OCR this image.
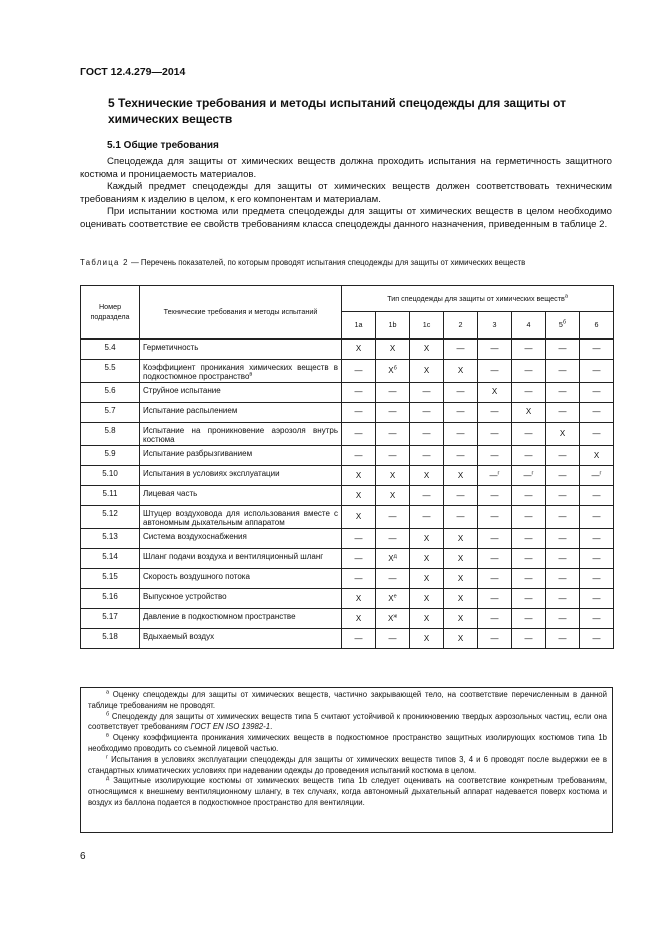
ГОСТ 12.4.279—2014
5 Технические требования и методы испытаний спецодежды для защиты от химических веществ
5.1 Общие требования

Спецодежда для защиты от химических веществ должна проходить испытания на герметичность защитного костюма и проницаемость материалов.

Каждый предмет спецодежды для защиты от химических веществ должен соответствовать техническим требованиям к изделию в целом, к его компонентам и материалам.

При испытании костюма или предмета спецодежды для защиты от химических веществ в целом необходимо оценивать соответствие ее свойств требованиям класса спецодежды данного назначения, приведенным в таблице 2.

Таблица 2 — Перечень показателей, по которым проводят испытания спецодежды для защиты от химических веществ
Номер подраздела	Технические требования и методы испытаний	Тип спецодежды для защиты от химических веществ$^а$
		1a	1b	1c	2	3	4	$5^б$	6
5.4	Герметичность	X	X	X	—	—	—	—	—
5.5	Коэффициент проникания химических веществ в подкостюмное пространство$^в$	—	$X^б$	X	X	—	—	—	—
5.6	Струйное испытание	—	—	—	—	X	—	—	—
5.7	Испытание распылением	—	—	—	—	—	X	—	—
5.8	Испытание на проникновение аэрозоля внутрь костюма	—	—	—	—	—	—	X	—
5.9	Испытание разбрызгиванием	—	—	—	—	—	—	—	X
5.10	Испытания в условиях эксплуатации	X	X	X	X	—$^г$	—$^г$	—	—$^г$
5.11	Лицевая часть	X	X	—	—	—	—	—	—
5.12	Штуцер воздуховода для использования вместе с автономным дыхательным аппаратом	X	—	—	—	—	—	—	—
5.13	Система воздухоснабжения	—	—	X	X	—	—	—	—
5.14	Шланг подачи воздуха и вентиляционный шланг	—	$X^д$	X	X	—	—	—	—
5.15	Скорость воздушного потока	—	—	X	X	—	—	—	—
5.16	Выпускное устройство	X	$X^е$	X	X	—	—	—	—
5.17	Давление в подкостюмном пространстве	X	$X^ж$	X	X	—	—	—	—
5.18	Вдыхаемый воздух	—	—	X	X	—	—	—	—

$^а$ Оценку спецодежды для защиты от химических веществ, частично закрывающей тело, на соответствие перечисленным в данной таблице требованиям не проводят.

$^б$ Спецодежду для защиты от химических веществ типа 5 считают устойчивой к проникновению твердых аэрозольных частиц, если она соответствует требованиям ГОСТ EN ISO 13982-1.

$^в$ Оценку коэффициента проникания химических веществ в подкостюмное пространство защитных изолирующих костюмов типа 1b необходимо проводить со съемной лицевой частью.

$^г$ Испытания в условиях эксплуатации спецодежды для защиты от химических веществ типов 3, 4 и 6 проводят после выдержки ее в стандартных климатических условиях при надевании одежды до проведения испытаний костюма в целом.

$^д$ Защитные изолирующие костюмы от химических веществ типа 1b следует оценивать на соответствие конкретным требованиям, относящимся к внешнему вентиляционному шлангу, в тех случаях, когда автономный дыхательный аппарат надевается поверх костюма и воздух из баллона подается в подкостюмное пространство для вентиляции.

6
